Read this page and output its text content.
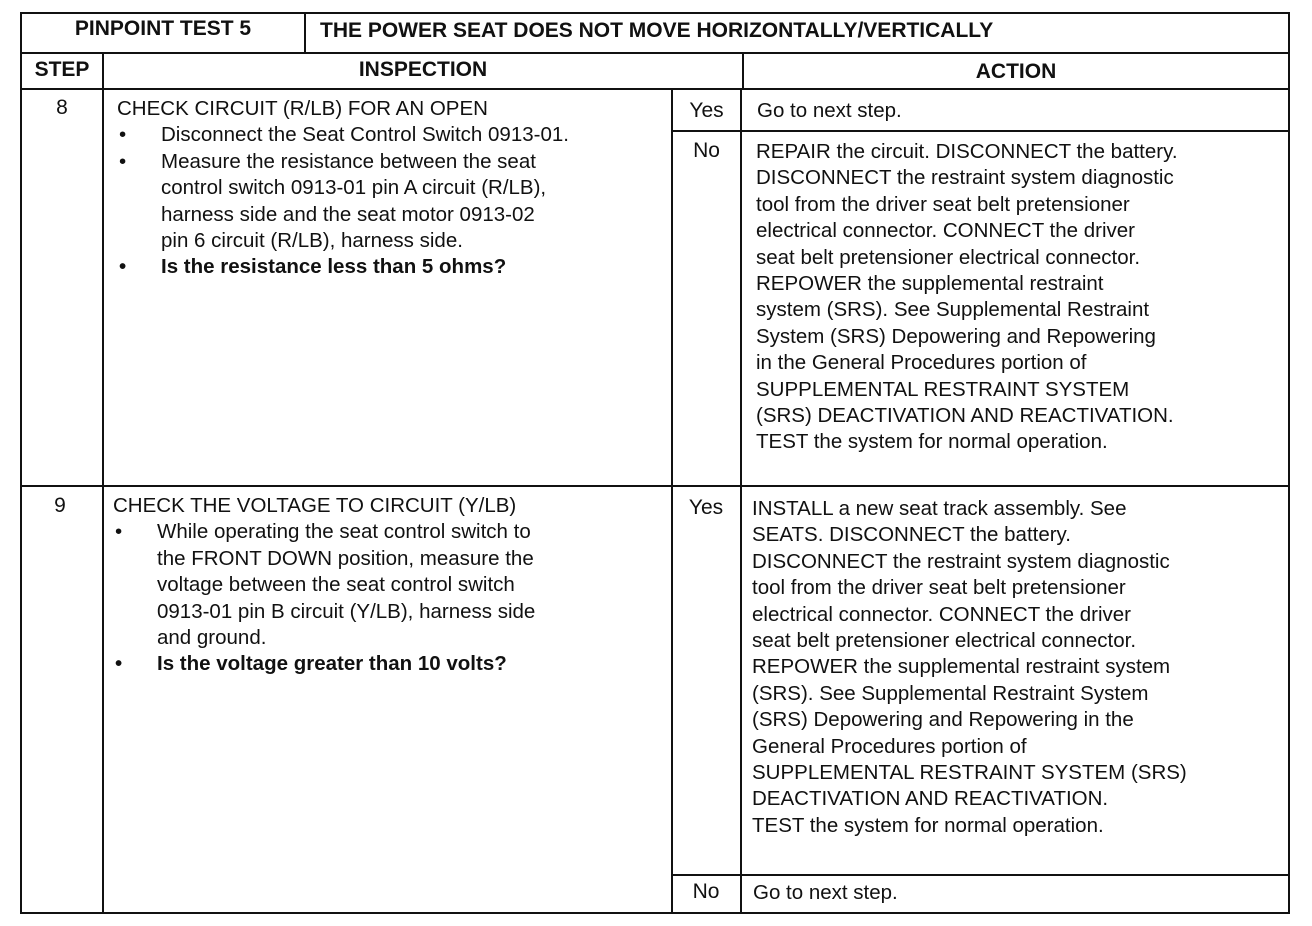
PINPOINT TEST 5	THE POWER SEAT DOES NOT MOVE HORIZONTALLY/VERTICALLY
STEP	INSPECTION	ACTION
8	CHECK CIRCUIT (R/LB) FOR AN OPEN
• Disconnect the Seat Control Switch 0913-01.
• Measure the resistance between the seat
control switch 0913-01 pin A circuit (R/LB),
harness side and the seat motor 0913-02
pin 6 circuit (R/LB), harness side.
• Is the resistance less than 5 ohms?
Yes	Go to next step.
No	REPAIR the circuit. DISCONNECT the battery.
DISCONNECT the restraint system diagnostic
tool from the driver seat belt pretensioner
electrical connector. CONNECT the driver
seat belt pretensioner electrical connector.
REPOWER the supplemental restraint
system (SRS). See Supplemental Restraint
System (SRS) Depowering and Repowering
in the General Procedures portion of
SUPPLEMENTAL RESTRAINT SYSTEM
(SRS) DEACTIVATION AND REACTIVATION.
TEST the system for normal operation.
9	CHECK THE VOLTAGE TO CIRCUIT (Y/LB)
• While operating the seat control switch to
the FRONT DOWN position, measure the
voltage between the seat control switch
0913-01 pin B circuit (Y/LB), harness side
and ground.
• Is the voltage greater than 10 volts?
Yes	INSTALL a new seat track assembly. See
SEATS. DISCONNECT the battery.
DISCONNECT the restraint system diagnostic
tool from the driver seat belt pretensioner
electrical connector. CONNECT the driver
seat belt pretensioner electrical connector.
REPOWER the supplemental restraint system
(SRS). See Supplemental Restraint System
(SRS) Depowering and Repowering in the
General Procedures portion of
SUPPLEMENTAL RESTRAINT SYSTEM (SRS)
DEACTIVATION AND REACTIVATION.
TEST the system for normal operation.
No	Go to next step.
